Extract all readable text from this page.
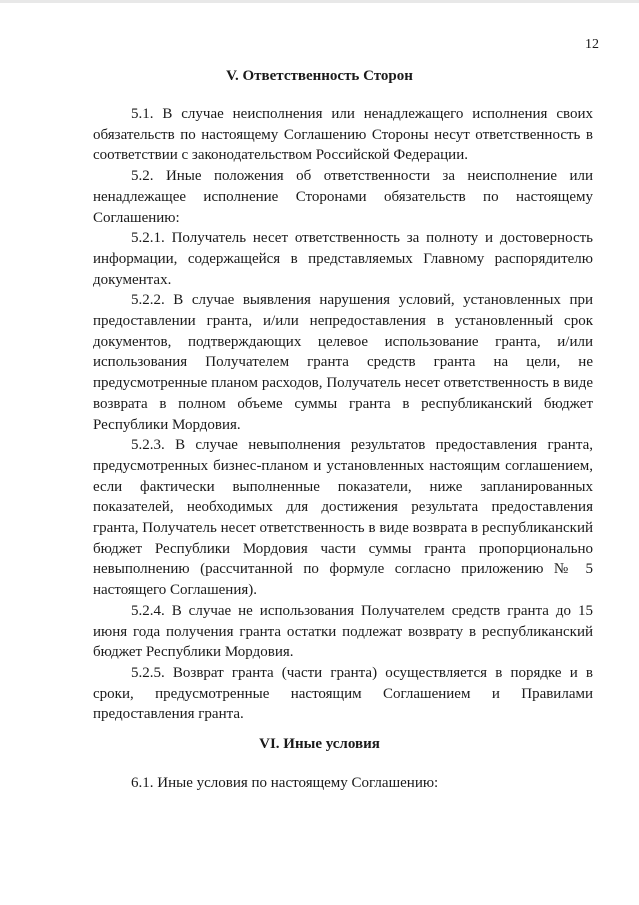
12
V. Ответственность Сторон

5.1. В случае неисполнения или ненадлежащего исполнения своих обязательств по настоящему Соглашению Стороны несут ответственность в соответствии с законодательством Российской Федерации.

5.2. Иные положения об ответственности за неисполнение или ненадлежащее исполнение Сторонами обязательств по настоящему Соглашению:

5.2.1. Получатель несет ответственность за полноту и достоверность информации, содержащейся в представляемых Главному распорядителю документах.

5.2.2. В случае выявления нарушения условий, установленных при предоставлении гранта, и/или непредоставления в установленный срок документов, подтверждающих целевое использование гранта, и/или использования Получателем гранта средств гранта на цели, не предусмотренные планом расходов, Получатель несет ответственность в виде возврата в полном объеме суммы гранта в республиканский бюджет Республики Мордовия.

5.2.3. В случае невыполнения результатов предоставления гранта, предусмотренных бизнес-планом и установленных настоящим соглашением, если фактически выполненные показатели, ниже запланированных показателей, необходимых для достижения результата предоставления гранта, Получатель несет ответственность в виде возврата в республиканский бюджет Республики Мордовия части суммы гранта пропорционально невыполнению (рассчитанной по формуле согласно приложению № 5 настоящего Соглашения).

5.2.4. В случае не использования Получателем средств гранта до 15 июня года получения гранта остатки подлежат возврату в республиканский бюджет Республики Мордовия.

5.2.5. Возврат гранта (части гранта) осуществляется в порядке и в сроки, предусмотренные настоящим Соглашением и Правилами предоставления гранта.

VI. Иные условия

6.1. Иные условия по настоящему Соглашению:
